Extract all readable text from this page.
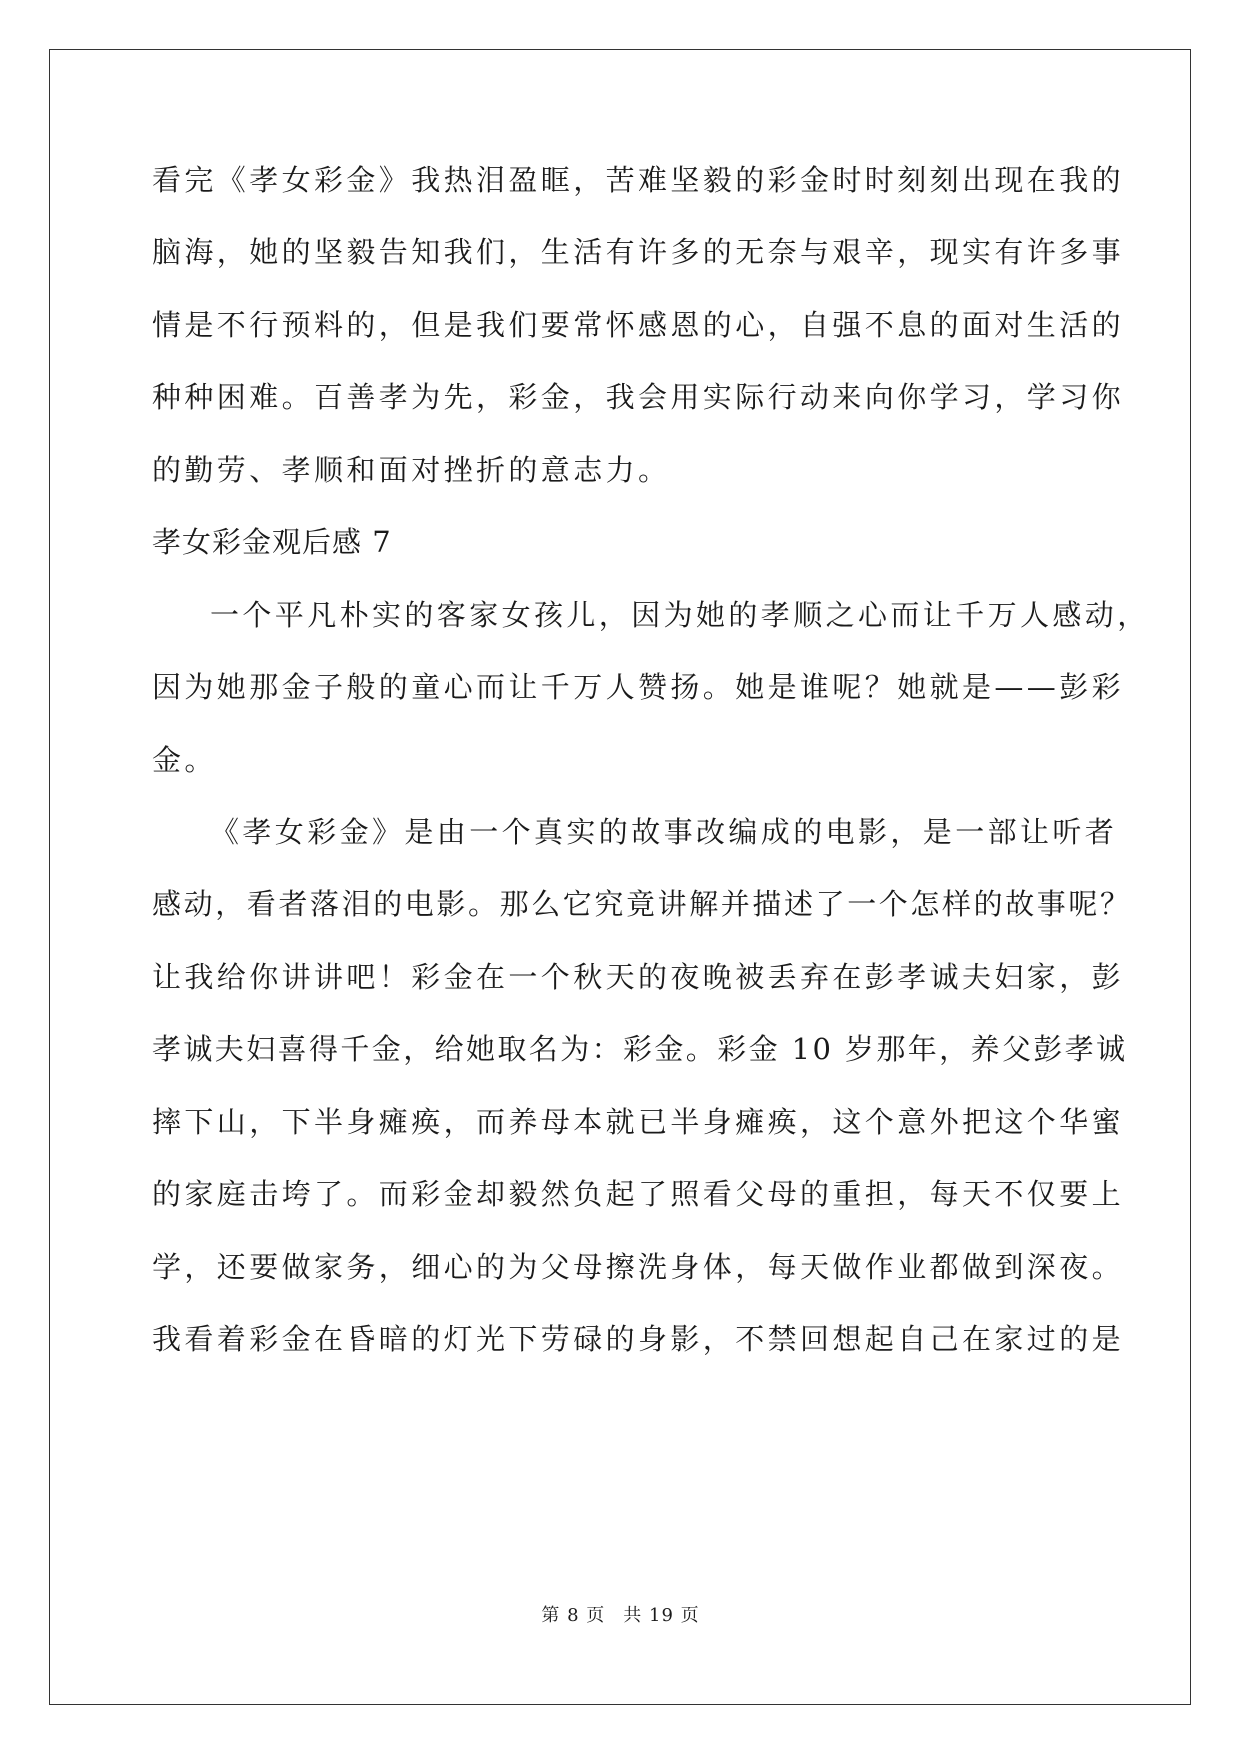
看完《孝女彩金》我热泪盈眶，苦难坚毅的彩金时时刻刻出现在我的
脑海，她的坚毅告知我们，生活有许多的无奈与艰辛，现实有许多事
情是不行预料的，但是我们要常怀感恩的心，自强不息的面对生活的
种种困难。百善孝为先，彩金，我会用实际行动来向你学习，学习你
的勤劳、孝顺和面对挫折的意志力。
孝女彩金观后感 7
一个平凡朴实的客家女孩儿，因为她的孝顺之心而让千万人感动，
因为她那金子般的童心而让千万人赞扬。她是谁呢？她就是——彭彩
金。
《孝女彩金》是由一个真实的故事改编成的电影，是一部让听者
感动，看者落泪的电影。那么它究竟讲解并描述了一个怎样的故事呢？
让我给你讲讲吧！彩金在一个秋天的夜晚被丢弃在彭孝诚夫妇家，彭
孝诚夫妇喜得千金，给她取名为：彩金。彩金 10 岁那年，养父彭孝诚
摔下山，下半身瘫痪，而养母本就已半身瘫痪，这个意外把这个华蜜
的家庭击垮了。而彩金却毅然负起了照看父母的重担，每天不仅要上
学，还要做家务，细心的为父母擦洗身体，每天做作业都做到深夜。
我看着彩金在昏暗的灯光下劳碌的身影，不禁回想起自己在家过的是
第 8 页 共 19 页
